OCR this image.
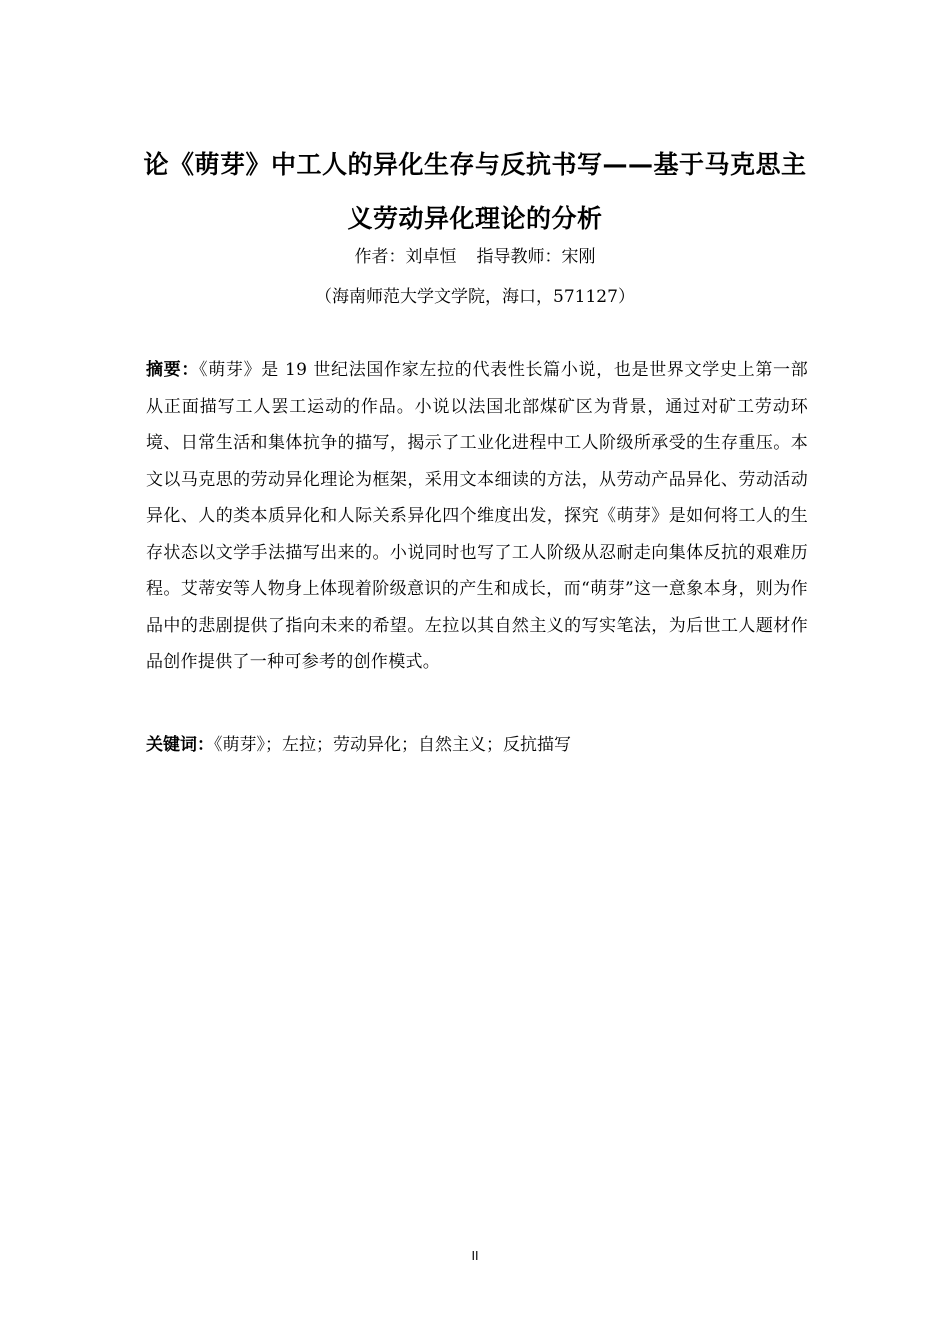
论《萌芽》中工人的异化生存与反抗书写——基于马克思主义劳动异化理论的分析
作者：刘卓恒 指导教师：宋刚
（海南师范大学文学院，海口，571127）
摘要：《萌芽》是 19 世纪法国作家左拉的代表性长篇小说，也是世界文学史上第一部从正面描写工人罢工运动的作品。小说以法国北部煤矿区为背景，通过对矿工劳动环境、日常生活和集体抗争的描写，揭示了工业化进程中工人阶级所承受的生存重压。本文以马克思的劳动异化理论为框架，采用文本细读的方法，从劳动产品异化、劳动活动异化、人的类本质异化和人际关系异化四个维度出发，探究《萌芽》是如何将工人的生存状态以文学手法描写出来的。小说同时也写了工人阶级从忍耐走向集体反抗的艰难历程。艾蒂安等人物身上体现着阶级意识的产生和成长，而“萌芽”这一意象本身，则为作品中的悲剧提供了指向未来的希望。左拉以其自然主义的写实笔法，为后世工人题材作品创作提供了一种可参考的创作模式。
关键词：《萌芽》；左拉；劳动异化；自然主义；反抗描写
II
